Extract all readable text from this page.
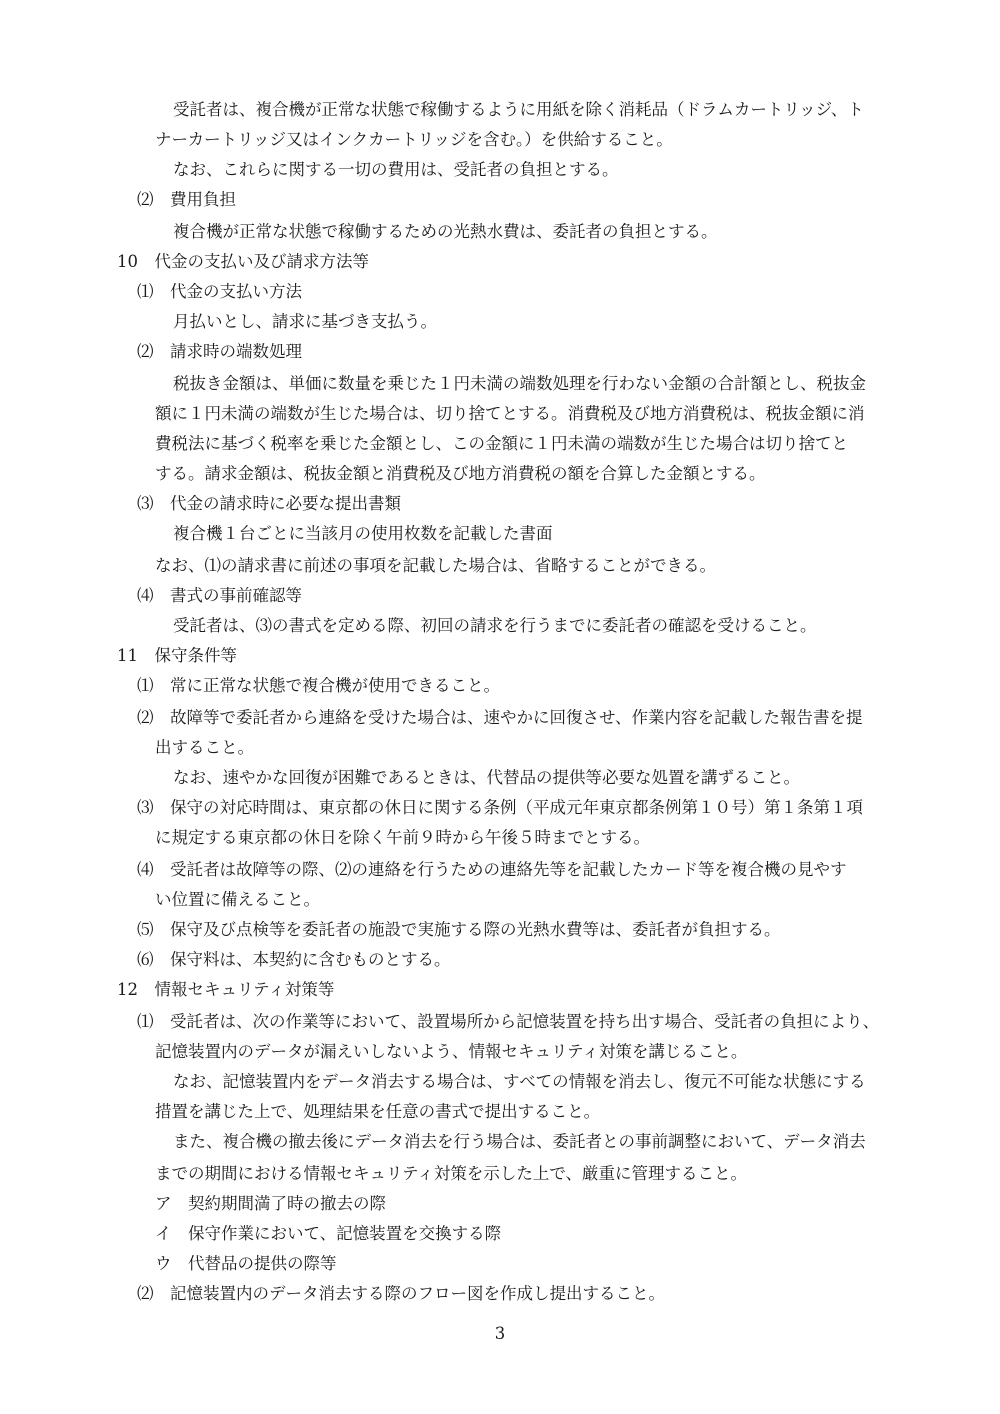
受託者は、複合機が正常な状態で稼働するように用紙を除く消耗品（ドラムカートリッジ、ト
ナーカートリッジ又はインクカートリッジを含む。）を供給すること。
なお、これらに関する一切の費用は、受託者の負担とする。
⑵　費用負担
複合機が正常な状態で稼働するための光熱水費は、委託者の負担とする。
10　代金の支払い及び請求方法等
⑴　代金の支払い方法
月払いとし、請求に基づき支払う。
⑵　請求時の端数処理
税抜き金額は、単価に数量を乗じた１円未満の端数処理を行わない金額の合計額とし、税抜金
額に１円未満の端数が生じた場合は、切り捨てとする。消費税及び地方消費税は、税抜金額に消
費税法に基づく税率を乗じた金額とし、この金額に１円未満の端数が生じた場合は切り捨てと
する。請求金額は、税抜金額と消費税及び地方消費税の額を合算した金額とする。
⑶　代金の請求時に必要な提出書類
複合機１台ごとに当該月の使用枚数を記載した書面
なお、⑴の請求書に前述の事項を記載した場合は、省略することができる。
⑷　書式の事前確認等
受託者は、⑶の書式を定める際、初回の請求を行うまでに委託者の確認を受けること。
11　保守条件等
⑴　常に正常な状態で複合機が使用できること。
⑵　故障等で委託者から連絡を受けた場合は、速やかに回復させ、作業内容を記載した報告書を提
出すること。
なお、速やかな回復が困難であるときは、代替品の提供等必要な処置を講ずること。
⑶　保守の対応時間は、東京都の休日に関する条例（平成元年東京都条例第１０号）第１条第１項
に規定する東京都の休日を除く午前９時から午後５時までとする。
⑷　受託者は故障等の際、⑵の連絡を行うための連絡先等を記載したカード等を複合機の見やす
い位置に備えること。
⑸　保守及び点検等を委託者の施設で実施する際の光熱水費等は、委託者が負担する。
⑹　保守料は、本契約に含むものとする。
12　情報セキュリティ対策等
⑴　受託者は、次の作業等において、設置場所から記憶装置を持ち出す場合、受託者の負担により、
記憶装置内のデータが漏えいしないよう、情報セキュリティ対策を講じること。
なお、記憶装置内をデータ消去する場合は、すべての情報を消去し、復元不可能な状態にする
措置を講じた上で、処理結果を任意の書式で提出すること。
また、複合機の撤去後にデータ消去を行う場合は、委託者との事前調整において、データ消去
までの期間における情報セキュリティ対策を示した上で、厳重に管理すること。
ア　契約期間満了時の撤去の際
イ　保守作業において、記憶装置を交換する際
ウ　代替品の提供の際等
⑵　記憶装置内のデータ消去する際のフロー図を作成し提出すること。
3
